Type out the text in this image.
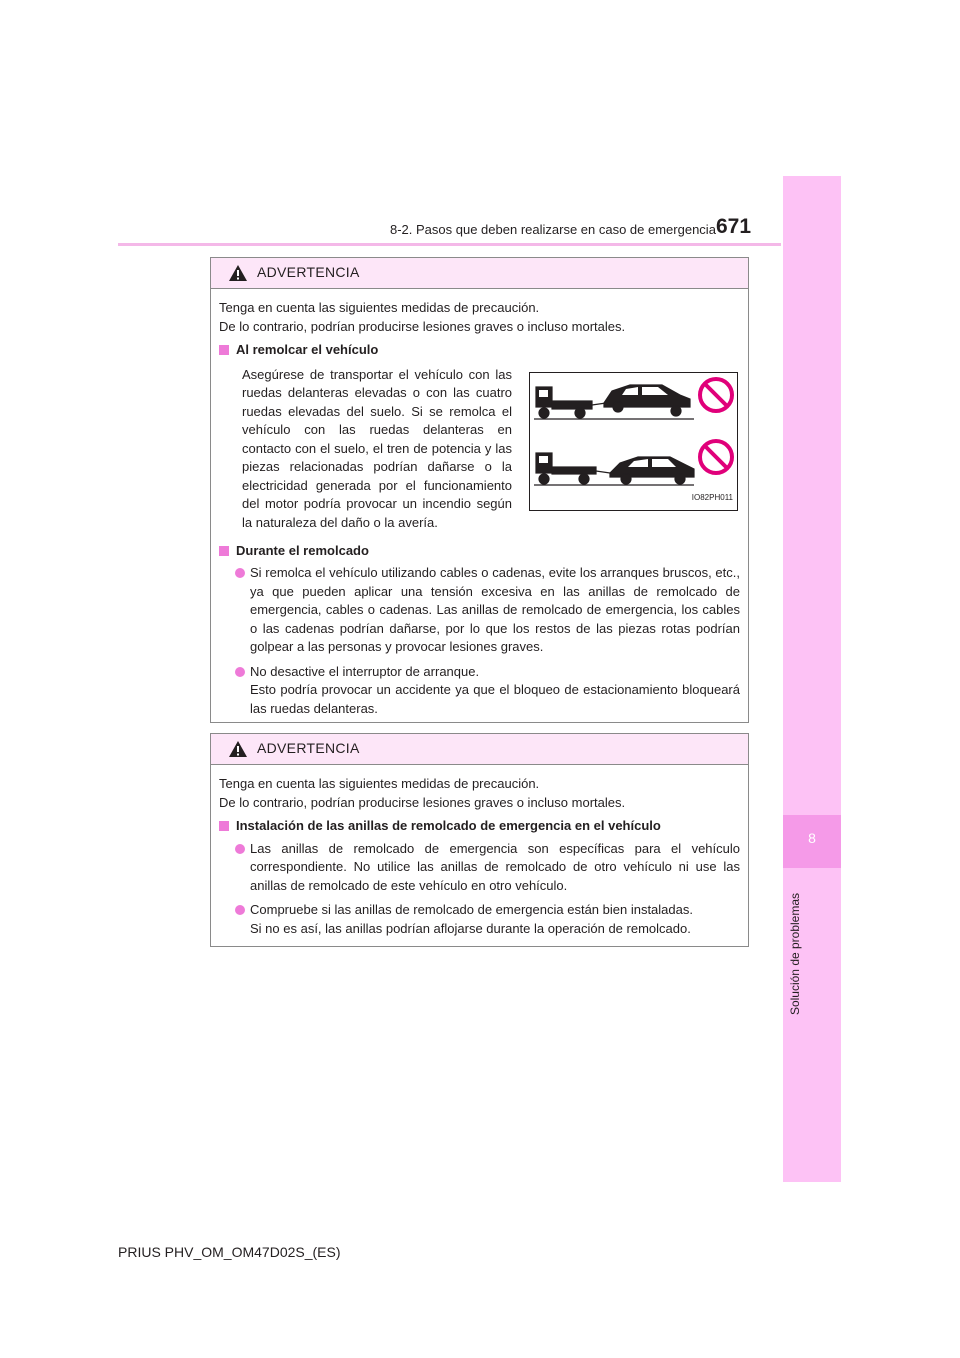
8-2. Pasos que deben realizarse en caso de emergencia 671
8
Solución de problemas
ADVERTENCIA

Tenga en cuenta las siguientes medidas de precaución.

De lo contrario, podrían producirse lesiones graves o incluso mortales.

Al remolcar el vehículo

Asegúrese de transportar el vehículo con las ruedas delanteras elevadas o con las cuatro ruedas elevadas del suelo. Si se remolca el vehículo con las ruedas delanteras en contacto con el suelo, el tren de potencia y las piezas relacionadas podrían dañarse o la electricidad generada por el funcionamiento del motor podría provocar un incendio según la naturaleza del daño o la avería.

IO82PH011
Durante el remolcado
Si remolca el vehículo utilizando cables o cadenas, evite los arranques bruscos, etc., ya que pueden aplicar una tensión excesiva en las anillas de remolcado de emergencia, cables o cadenas. Las anillas de remolcado de emergencia, los cables o las cadenas podrían dañarse, por lo que los restos de las piezas rotas podrían golpear a las personas y provocar lesiones graves.
No desactive el interruptor de arranque.
Esto podría provocar un accidente ya que el bloqueo de estacionamiento bloqueará las ruedas delanteras.
ADVERTENCIA

Tenga en cuenta las siguientes medidas de precaución.

De lo contrario, podrían producirse lesiones graves o incluso mortales.

Instalación de las anillas de remolcado de emergencia en el vehículo
Las anillas de remolcado de emergencia son específicas para el vehículo correspondiente. No utilice las anillas de remolcado de otro vehículo ni use las anillas de remolcado de este vehículo en otro vehículo.
Compruebe si las anillas de remolcado de emergencia están bien instaladas.
Si no es así, las anillas podrían aflojarse durante la operación de remolcado.
PRIUS PHV_OM_OM47D02S_(ES)
